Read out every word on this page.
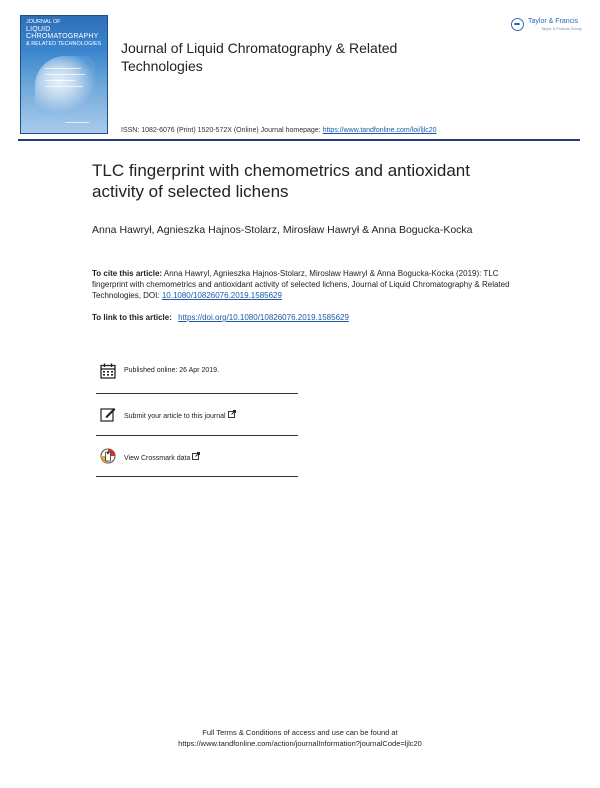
JOURNAL OF
LIQUID
CHROMATOGRAPHY
& RELATED TECHNOLOGIES Journal of Liquid Chromatography & Related Technologies
ISSN: 1082-6076 (Print) 1520-572X (Online) Journal homepage: https://www.tandfonline.com/loi/ljlc20
Taylor & Francis
Taylor & Francis Group
TLC fingerprint with chemometrics and antioxidant activity of selected lichens
Anna Hawrył, Agnieszka Hajnos-Stolarz, Mirosław Hawrył & Anna Bogucka-Kocka
To cite this article: Anna Hawryl, Agnieszka Hajnos-Stolarz, Miroslaw Hawryl & Anna Bogucka-Kocka (2019): TLC fingerprint with chemometrics and antioxidant activity of selected lichens, Journal of Liquid Chromatography & Related Technologies, DOI: 10.1080/10826076.2019.1585629
To link to this article: https://doi.org/10.1080/10826076.2019.1585629
Published online: 26 Apr 2019.
Submit your article to this journal
View Crossmark data
Full Terms & Conditions of access and use can be found at
https://www.tandfonline.com/action/journalInformation?journalCode=ljlc20
